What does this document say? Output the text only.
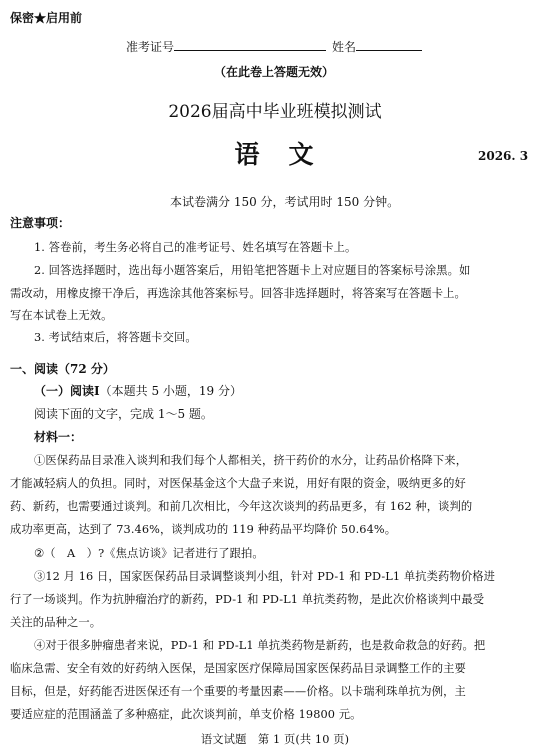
保密★启用前
准考证号	姓名
（在此卷上答题无效）
2026届高中毕业班模拟测试
语　文	2026. 3
本试卷满分 150 分，考试用时 150 分钟。
注意事项：
1. 答卷前，考生务必将自己的准考证号、姓名填写在答题卡上。
2. 回答选择题时，选出每小题答案后，用铅笔把答题卡上对应题目的答案标号涂黑。如
需改动，用橡皮擦干净后，再选涂其他答案标号。回答非选择题时，将答案写在答题卡上。
写在本试卷上无效。
3. 考试结束后，将答题卡交回。
一、阅读（72 分）
（一）阅读Ⅰ（本题共 5 小题，19 分）
阅读下面的文字，完成 1～5 题。
材料一：
①医保药品目录准入谈判和我们每个人都相关，挤干药价的水分，让药品价格降下来，
才能减轻病人的负担。同时，对医保基金这个大盘子来说，用好有限的资金，吸纳更多的好
药、新药，也需要通过谈判。和前几次相比，今年这次谈判的药品更多，有 162 种，谈判的
成功率更高，达到了 73.46%，谈判成功的 119 种药品平均降价 50.64%。
②（　A　）?《焦点访谈》记者进行了跟拍。
③12 月 16 日，国家医保药品目录调整谈判小组，针对 PD-1 和 PD-L1 单抗类药物价格进
行了一场谈判。作为抗肿瘤治疗的新药，PD-1 和 PD-L1 单抗类药物，是此次价格谈判中最受
关注的品种之一。
④对于很多肿瘤患者来说，PD-1 和 PD-L1 单抗类药物是新药，也是救命救急的好药。把
临床急需、安全有效的好药纳入医保，是国家医疗保障局国家医保药品目录调整工作的主要
目标，但是，好药能否进医保还有一个重要的考量因素——价格。以卡瑞利珠单抗为例，主
要适应症的范围涵盖了多种癌症，此次谈判前，单支价格 19800 元。
语文试题　第 1 页(共 10 页)
